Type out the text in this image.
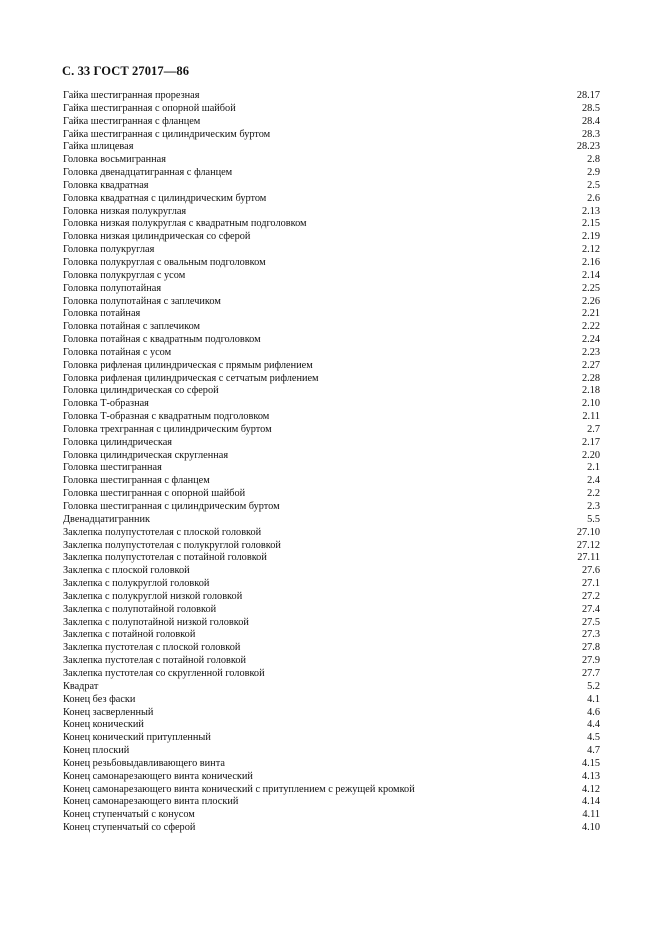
С. 33 ГОСТ 27017—86
Гайка шестигранная прорезная	28.17
Гайка шестигранная с опорной шайбой	28.5
Гайка шестигранная с фланцем	28.4
Гайка шестигранная с цилиндрическим буртом	28.3
Гайка шлицевая	28.23
Головка восьмигранная	2.8
Головка двенадцатигранная с фланцем	2.9
Головка квадратная	2.5
Головка квадратная с цилиндрическим буртом	2.6
Головка низкая полукруглая	2.13
Головка низкая полукруглая с квадратным подголовком	2.15
Головка низкая цилиндрическая со сферой	2.19
Головка полукруглая	2.12
Головка полукруглая с овальным подголовком	2.16
Головка полукруглая с усом	2.14
Головка полупотайная	2.25
Головка полупотайная с заплечиком	2.26
Головка потайная	2.21
Головка потайная с заплечиком	2.22
Головка потайная с квадратным подголовком	2.24
Головка потайная с усом	2.23
Головка рифленая цилиндрическая с прямым рифлением	2.27
Головка рифленая цилиндрическая с сетчатым рифлением	2.28
Головка цилиндрическая со сферой	2.18
Головка Т-образная	2.10
Головка Т-образная с квадратным подголовком	2.11
Головка трехгранная с цилиндрическим буртом	2.7
Головка цилиндрическая	2.17
Головка цилиндрическая скругленная	2.20
Головка шестигранная	2.1
Головка шестигранная с фланцем	2.4
Головка шестигранная с опорной шайбой	2.2
Головка шестигранная с цилиндрическим буртом	2.3
Двенадцатигранник	5.5
Заклепка полупустотелая с плоской головкой	27.10
Заклепка полупустотелая с полукруглой головкой	27.12
Заклепка полупустотелая с потайной головкой	27.11
Заклепка с плоской головкой	27.6
Заклепка с полукруглой головкой	27.1
Заклепка с полукруглой низкой головкой	27.2
Заклепка с полупотайной головкой	27.4
Заклепка с полупотайной низкой головкой	27.5
Заклепка с потайной головкой	27.3
Заклепка пустотелая с плоской головкой	27.8
Заклепка пустотелая с потайной головкой	27.9
Заклепка пустотелая со скругленной головкой	27.7
Квадрат	5.2
Конец без фаски	4.1
Конец засверленный	4.6
Конец конический	4.4
Конец конический притупленный	4.5
Конец плоский	4.7
Конец резьбовыдавливающего винта	4.15
Конец самонарезающего винта конический	4.13
Конец самонарезающего винта конический с притуплением с режущей кромкой	4.12
Конец самонарезающего винта плоский	4.14
Конец ступенчатый с конусом	4.11
Конец ступенчатый со сферой	4.10
